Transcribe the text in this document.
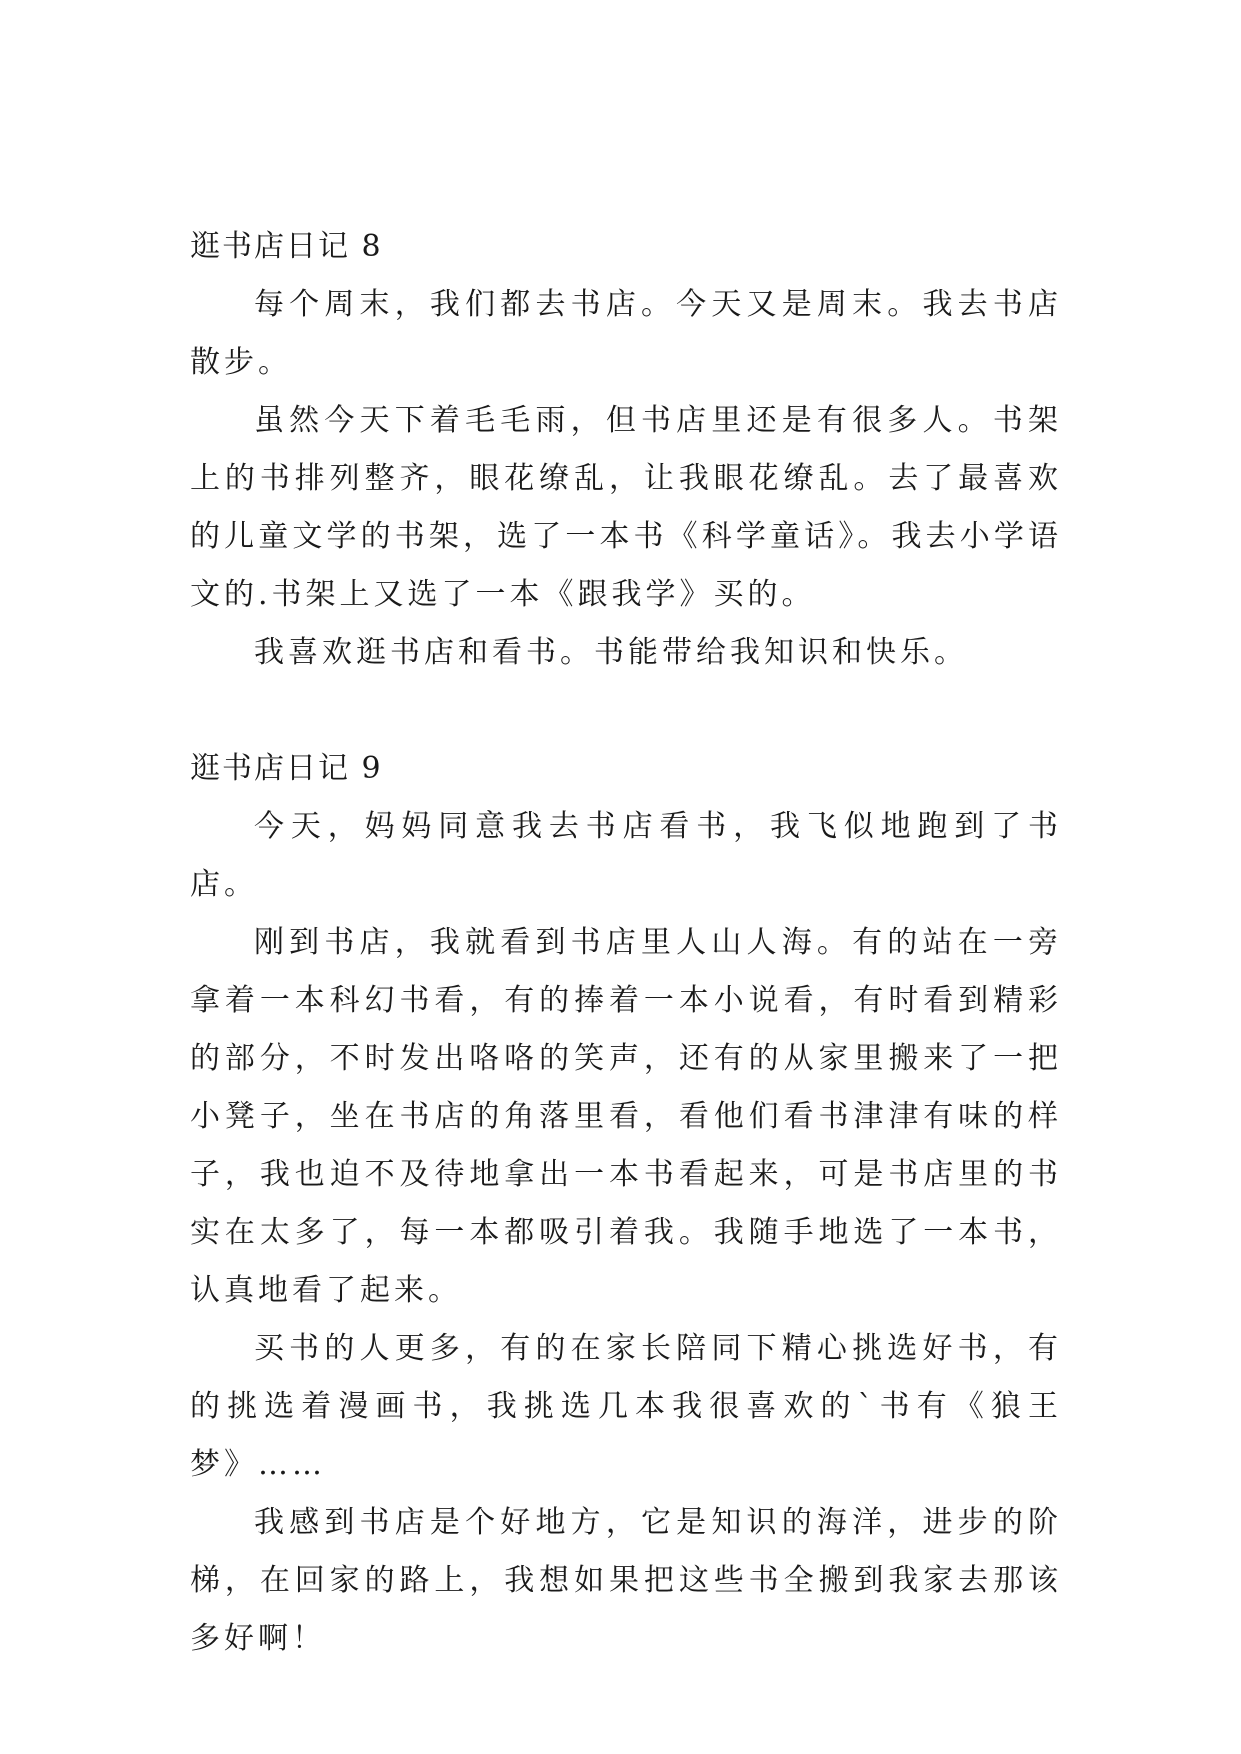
逛书店日记 8

每个周末，我们都去书店。今天又是周末。我去书店散步。

虽然今天下着毛毛雨，但书店里还是有很多人。书架上的书排列整齐，眼花缭乱，让我眼花缭乱。去了最喜欢的儿童文学的书架，选了一本书《科学童话》。我去小学语文的.书架上又选了一本《跟我学》买的。

我喜欢逛书店和看书。书能带给我知识和快乐。

逛书店日记 9

今天，妈妈同意我去书店看书，我飞似地跑到了书店。

刚到书店，我就看到书店里人山人海。有的站在一旁拿着一本科幻书看，有的捧着一本小说看，有时看到精彩的部分，不时发出咯咯的笑声，还有的从家里搬来了一把小凳子，坐在书店的角落里看，看他们看书津津有味的样子，我也迫不及待地拿出一本书看起来，可是书店里的书实在太多了，每一本都吸引着我。我随手地选了一本书，认真地看了起来。

买书的人更多，有的在家长陪同下精心挑选好书，有的挑选着漫画书，我挑选几本我很喜欢的`书有《狼王梦》……

我感到书店是个好地方，它是知识的海洋，进步的阶梯，在回家的路上，我想如果把这些书全搬到我家去那该多好啊！
